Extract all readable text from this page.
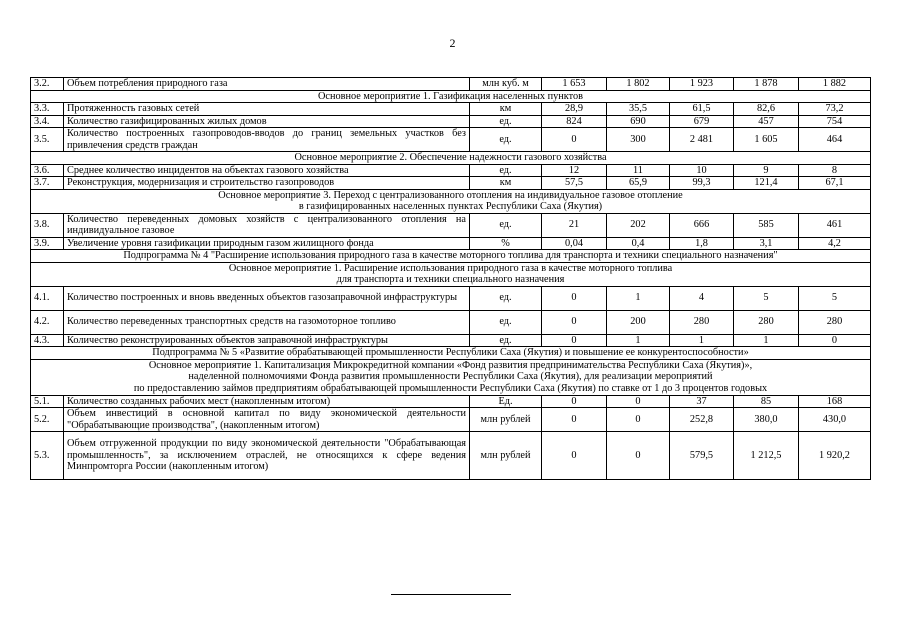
2
3.2.	Объем потребления природного газа	млн куб. м	1 653	1 802	1 923	1 878	1 882

Основное мероприятие 1. Газификация населенных пунктов							

3.3.	Протяженность газовых сетей	км	28,9	35,5	61,5	82,6	73,2
3.4.	Количество газифицированных жилых домов	ед.	824	690	679	457	754
3.5.	Количество построенных газопроводов-вводов до границ земельных участков без привлечения средств граждан	ед.	0	300	2 481	1 605	464

Основное мероприятие 2. Обеспечение надежности газового хозяйства							

3.6.	Среднее количество инцидентов на объектах газового хозяйства	ед.	12	11	10	9	8
3.7.	Реконструкция, модернизация и строительство газопроводов	км	57,5	65,9	99,3	121,4	67,1

Основное мероприятие 3. Переход с централизованного отопления на индивидуальное газовое отопление
в газифицированных населенных пунктах Республики Саха (Якутия)							

3.8.	Количество переведенных домовых хозяйств с централизованного отопления на индивидуальное газовое	ед.	21	202	666	585	461
3.9.	Увеличение уровня газификации природным газом жилищного фонда	%	0,04	0,4	1,8	3,1	4,2

Подпрограмма № 4 "Расширение использования природного газа в качестве моторного топлива для транспорта и техники специального назначения"							

Основное мероприятие 1. Расширение использования природного газа в качестве моторного топлива
для транспорта и техники специального назначения							

4.1.	Количество построенных и вновь введенных объектов газозаправочной инфраструктуры	ед.	0	1	4	5	5
4.2.	Количество переведенных транспортных средств на газомоторное топливо	ед.	0	200	280	280	280
4.3.	Количество реконструированных объектов заправочной инфраструктуры	ед.	0	1	1	1	0

Подпрограмма № 5 «Развитие обрабатывающей промышленности Республики Саха (Якутия) и повышение ее конкурентоспособности»							

Основное мероприятие 1. Капитализация Микрокредитной компании «Фонд развития предпринимательства Республики Саха (Якутия)»,
наделенной полномочиями Фонда развития промышленности Республики Саха (Якутия), для реализации мероприятий
по предоставлению займов предприятиям обрабатывающей промышленности Республики Саха (Якутия) по ставке от 1 до 3 процентов годовых							

5.1.	Количество созданных рабочих мест (накопленным итогом)	Ед.	0	0	37	85	168
5.2.	Объем инвестиций в основной капитал по виду экономической деятельности "Обрабатывающие производства", (накопленным итогом)	млн рублей	0	0	252,8	380,0	430,0
5.3.	Объем отгруженной продукции по виду экономической деятельности "Обрабатывающая промышленность", за исключением отраслей, не относящихся к сфере ведения Минпромторга России (накопленным итогом)	млн рублей	0	0	579,5	1 212,5	1 920,2
